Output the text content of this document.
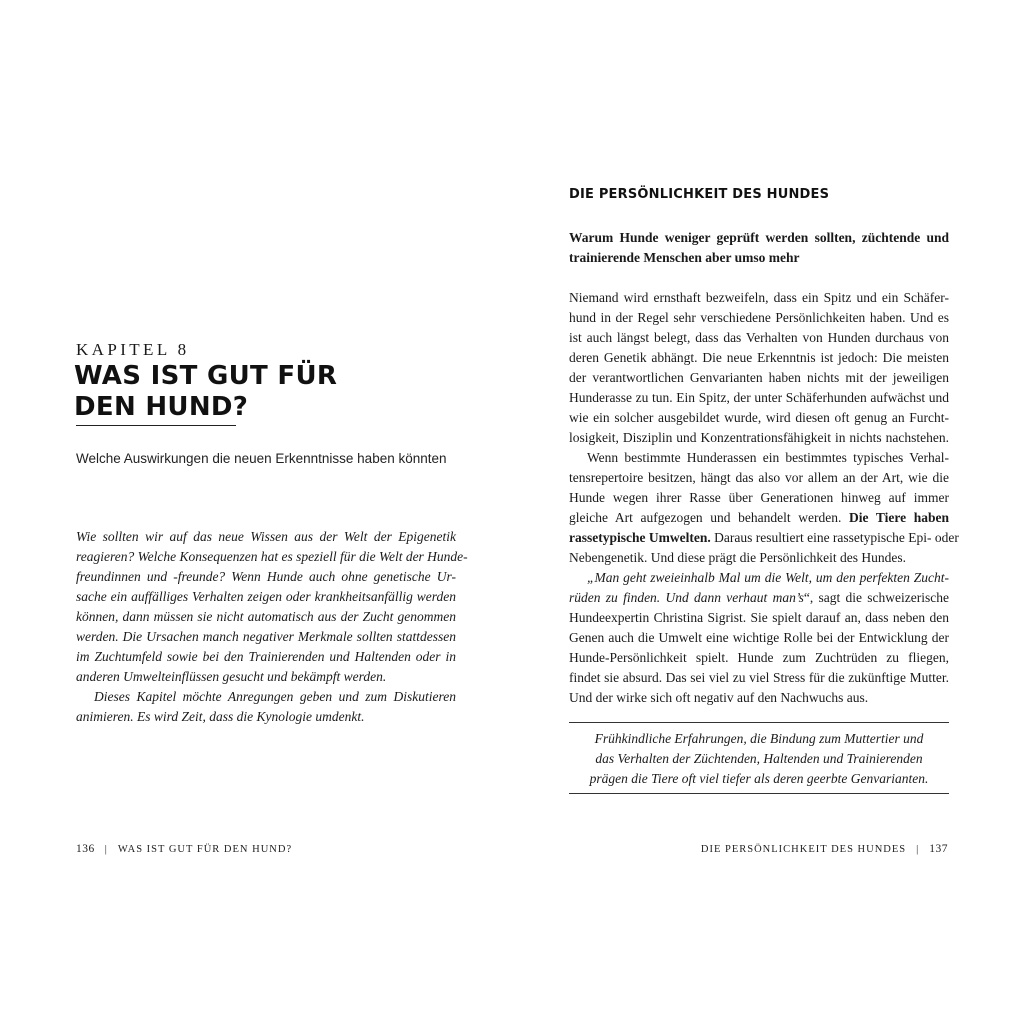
KAPITEL 8

WAS IST GUT FÜR
DEN HUND?

Welche Auswirkungen die neuen Erkenntnisse haben könnten

Wie sollten wir auf das neue Wissen aus der Welt der Epigenetik
reagieren? Welche Konsequenzen hat es speziell für die Welt der Hunde-
freundinnen und -freunde? Wenn Hunde auch ohne genetische Ur-
sache ein auffälliges Verhalten zeigen oder krankheitsanfällig werden
können, dann müssen sie nicht automatisch aus der Zucht genommen
werden. Die Ursachen manch negativer Merkmale sollten stattdessen
im Zuchtumfeld sowie bei den Trainierenden und Haltenden oder in
anderen Umwelteinflüssen gesucht und bekämpft werden.

Dieses Kapitel möchte Anregungen geben und zum Diskutieren
animieren. Es wird Zeit, dass die Kynologie umdenkt.

136 | WAS IST GUT FÜR DEN HUND?
DIE PERSÖNLICHKEIT DES HUNDES

Warum Hunde weniger geprüft werden sollten, züchtende und
trainierende Menschen aber umso mehr

Niemand wird ernsthaft bezweifeln, dass ein Spitz und ein Schäfer-
hund in der Regel sehr verschiedene Persönlichkeiten haben. Und es
ist auch längst belegt, dass das Verhalten von Hunden durchaus von
deren Genetik abhängt. Die neue Erkenntnis ist jedoch: Die meisten
der verantwortlichen Genvarianten haben nichts mit der jeweiligen
Hunderasse zu tun. Ein Spitz, der unter Schäferhunden aufwächst und
wie ein solcher ausgebildet wurde, wird diesen oft genug an Furcht-
losigkeit, Disziplin und Konzentrationsfähigkeit in nichts nachstehen.

Wenn bestimmte Hunderassen ein bestimmtes typisches Verhal-
tensrepertoire besitzen, hängt das also vor allem an der Art, wie die
Hunde wegen ihrer Rasse über Generationen hinweg auf immer
gleiche Art aufgezogen und behandelt werden. Die Tiere haben
rassetypische Umwelten. Daraus resultiert eine rassetypische Epi- oder
Nebengenetik. Und diese prägt die Persönlichkeit des Hundes.

„Man geht zweieinhalb Mal um die Welt, um den perfekten Zucht-
rüden zu finden. Und dann verhaut man’s“, sagt die schweizerische
Hundeexpertin Christina Sigrist. Sie spielt darauf an, dass neben den
Genen auch die Umwelt eine wichtige Rolle bei der Entwicklung der
Hunde-Persönlichkeit spielt. Hunde zum Zuchtrüden zu fliegen,
findet sie absurd. Das sei viel zu viel Stress für die zukünftige Mutter.
Und der wirke sich oft negativ auf den Nachwuchs aus.

Frühkindliche Erfahrungen, die Bindung zum Muttertier und
das Verhalten der Züchtenden, Haltenden und Trainierenden
prägen die Tiere oft viel tiefer als deren geerbte Genvarianten.

DIE PERSÖNLICHKEIT DES HUNDES | 137
